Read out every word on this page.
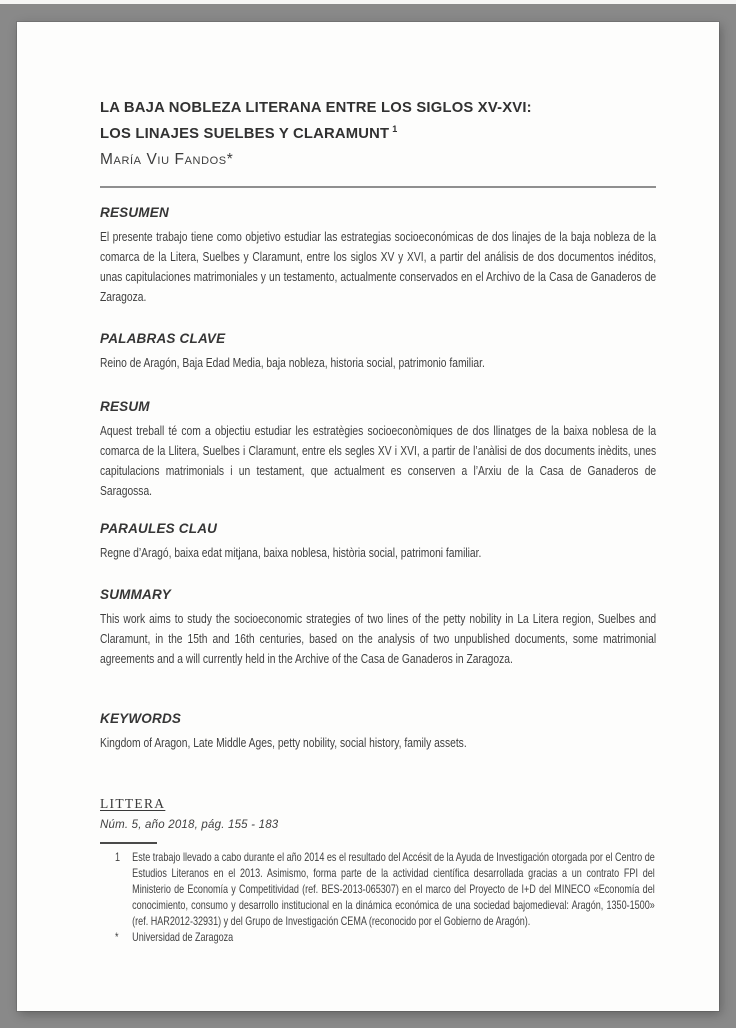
LA BAJA NOBLEZA LITERANA ENTRE LOS SIGLOS XV-XVI:
LOS LINAJES SUELBES Y CLARAMUNT $^1$
María Viu Fandos*
RESUMEN

El presente trabajo tiene como objetivo estudiar las estrategias socioeconómicas de dos linajes de la baja nobleza de la comarca de la Litera, Suelbes y Claramunt, entre los siglos XV y XVI, a partir del análisis de dos documentos inéditos, unas capitulaciones matrimoniales y un testamento, actualmente conservados en el Archivo de la Casa de Ganaderos de Zaragoza.

PALABRAS CLAVE

Reino de Aragón, Baja Edad Media, baja nobleza, historia social, patrimonio familiar.

RESUM

Aquest treball té com a objectiu estudiar les estratègies socioeconòmiques de dos llinatges de la baixa noblesa de la comarca de la Llitera, Suelbes i Claramunt, entre els segles XV i XVI, a partir de l’anàlisi de dos documents inèdits, unes capitulacions matrimonials i un testament, que actualment es conserven a l’Arxiu de la Casa de Ganaderos de Saragossa.

PARAULES CLAU

Regne d’Aragó, baixa edat mitjana, baixa noblesa, història social, patrimoni familiar.

SUMMARY

This work aims to study the socioeconomic strategies of two lines of the petty nobility in La Litera region, Suelbes and Claramunt, in the 15th and 16th centuries, based on the analysis of two unpublished documents, some matrimonial agreements and a will currently held in the Archive of the Casa de Ganaderos in Zaragoza.

KEYWORDS

Kingdom of Aragon, Late Middle Ages, petty nobility, social history, family assets.

LITTERA
Núm. 5, año 2018, pág. 155 - 183
1	Este trabajo llevado a cabo durante el año 2014 es el resultado del Accésit de la Ayuda de Investigación otorgada por el Centro de Estudios Literanos en el 2013. Asimismo, forma parte de la actividad científica desarrollada gracias a un contrato FPI del Ministerio de Economía y Competitividad (ref. BES-2013-065307) en el marco del Proyecto de I+D del MINECO «Economía del conocimiento, consumo y desarrollo institucional en la dinámica económica de una sociedad bajomedieval: Aragón, 1350-1500» (ref. HAR2012-32931) y del Grupo de Investigación CEMA (reconocido por el Gobierno de Aragón).
*	Universidad de Zaragoza
